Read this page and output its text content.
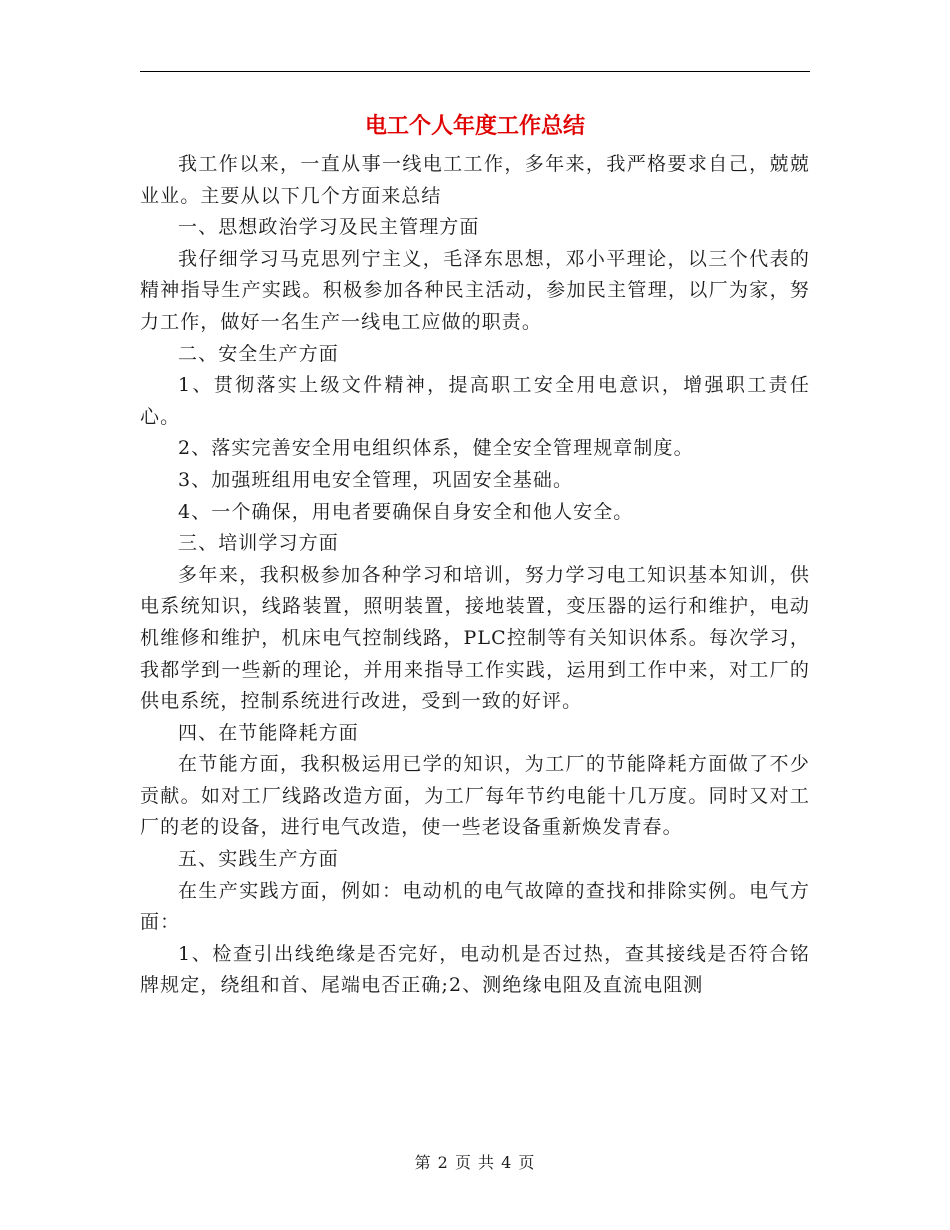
电工个人年度工作总结

我工作以来，一直从事一线电工工作，多年来，我严格要求自己，兢兢业业。主要从以下几个方面来总结

一、思想政治学习及民主管理方面

我仔细学习马克思列宁主义，毛泽东思想，邓小平理论，以三个代表的精神指导生产实践。积极参加各种民主活动，参加民主管理，以厂为家，努力工作，做好一名生产一线电工应做的职责。

二、安全生产方面

1、贯彻落实上级文件精神，提高职工安全用电意识，增强职工责任心。

2、落实完善安全用电组织体系，健全安全管理规章制度。

3、加强班组用电安全管理，巩固安全基础。

4、一个确保，用电者要确保自身安全和他人安全。

三、培训学习方面

多年来，我积极参加各种学习和培训，努力学习电工知识基本知训，供电系统知识，线路装置，照明装置，接地装置，变压器的运行和维护，电动机维修和维护，机床电气控制线路，PLC控制等有关知识体系。每次学习，我都学到一些新的理论，并用来指导工作实践，运用到工作中来，对工厂的供电系统，控制系统进行改进，受到一致的好评。

四、在节能降耗方面

在节能方面，我积极运用已学的知识，为工厂的节能降耗方面做了不少贡献。如对工厂线路改造方面，为工厂每年节约电能十几万度。同时又对工厂的老的设备，进行电气改造，使一些老设备重新焕发青春。

五、实践生产方面

在生产实践方面，例如：电动机的电气故障的查找和排除实例。电气方面：

1、检查引出线绝缘是否完好，电动机是否过热，查其接线是否符合铭牌规定，绕组和首、尾端电否正确;2、测绝缘电阻及直流电阻测

第 2 页 共 4 页
